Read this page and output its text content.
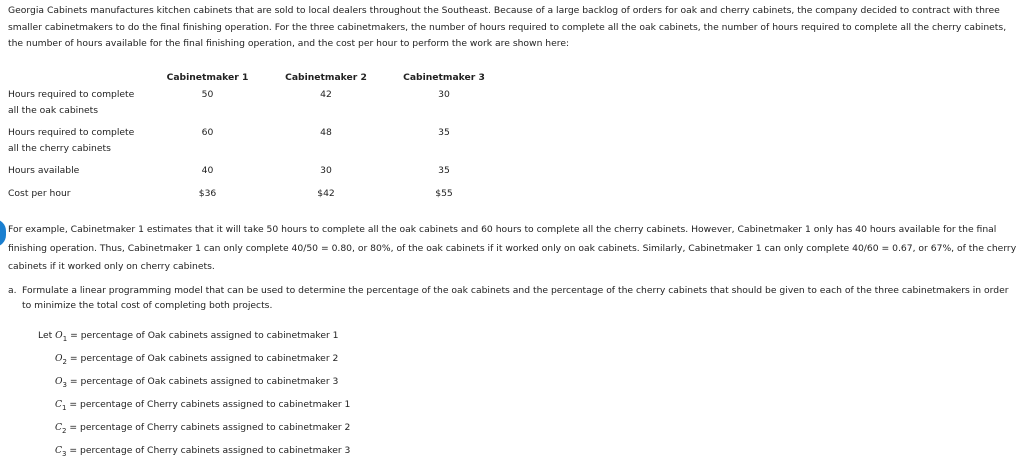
Georgia Cabinets manufactures kitchen cabinets that are sold to local dealers throughout the Southeast. Because of a large backlog of orders for oak and cherry cabinets, the company decided to contract with three smaller cabinetmakers to do the final finishing operation. For the three cabinetmakers, the number of hours required to complete all the oak cabinets, the number of hours required to complete all the cherry cabinets, the number of hours available for the final finishing operation, and the cost per hour to perform the work are shown here:

	Cabinetmaker 1	Cabinetmaker 2	Cabinetmaker 3
Hours required to complete
all the oak cabinets	50	42	30
Hours required to complete
all the cherry cabinets	60	48	35
Hours available	40	30	35
Cost per hour	$36	$42	$55

For example, Cabinetmaker 1 estimates that it will take 50 hours to complete all the oak cabinets and 60 hours to complete all the cherry cabinets. However, Cabinetmaker 1 only has 40 hours available for the final finishing operation. Thus, Cabinetmaker 1 can only complete 40/50 = 0.80, or 80%, of the oak cabinets if it worked only on oak cabinets. Similarly, Cabinetmaker 1 can only complete 40/60 = 0.67, or 67%, of the cherry cabinets if it worked only on cherry cabinets.

a. Formulate a linear programming model that can be used to determine the percentage of the oak cabinets and the percentage of the cherry cabinets that should be given to each of the three cabinetmakers in order to minimize the total cost of completing both projects.

Let $O_1$ = percentage of Oak cabinets assigned to cabinetmaker 1
$O_2$ = percentage of Oak cabinets assigned to cabinetmaker 2
$O_3$ = percentage of Oak cabinets assigned to cabinetmaker 3
$C_1$ = percentage of Cherry cabinets assigned to cabinetmaker 1
$C_2$ = percentage of Cherry cabinets assigned to cabinetmaker 2
$C_3$ = percentage of Cherry cabinets assigned to cabinetmaker 3
